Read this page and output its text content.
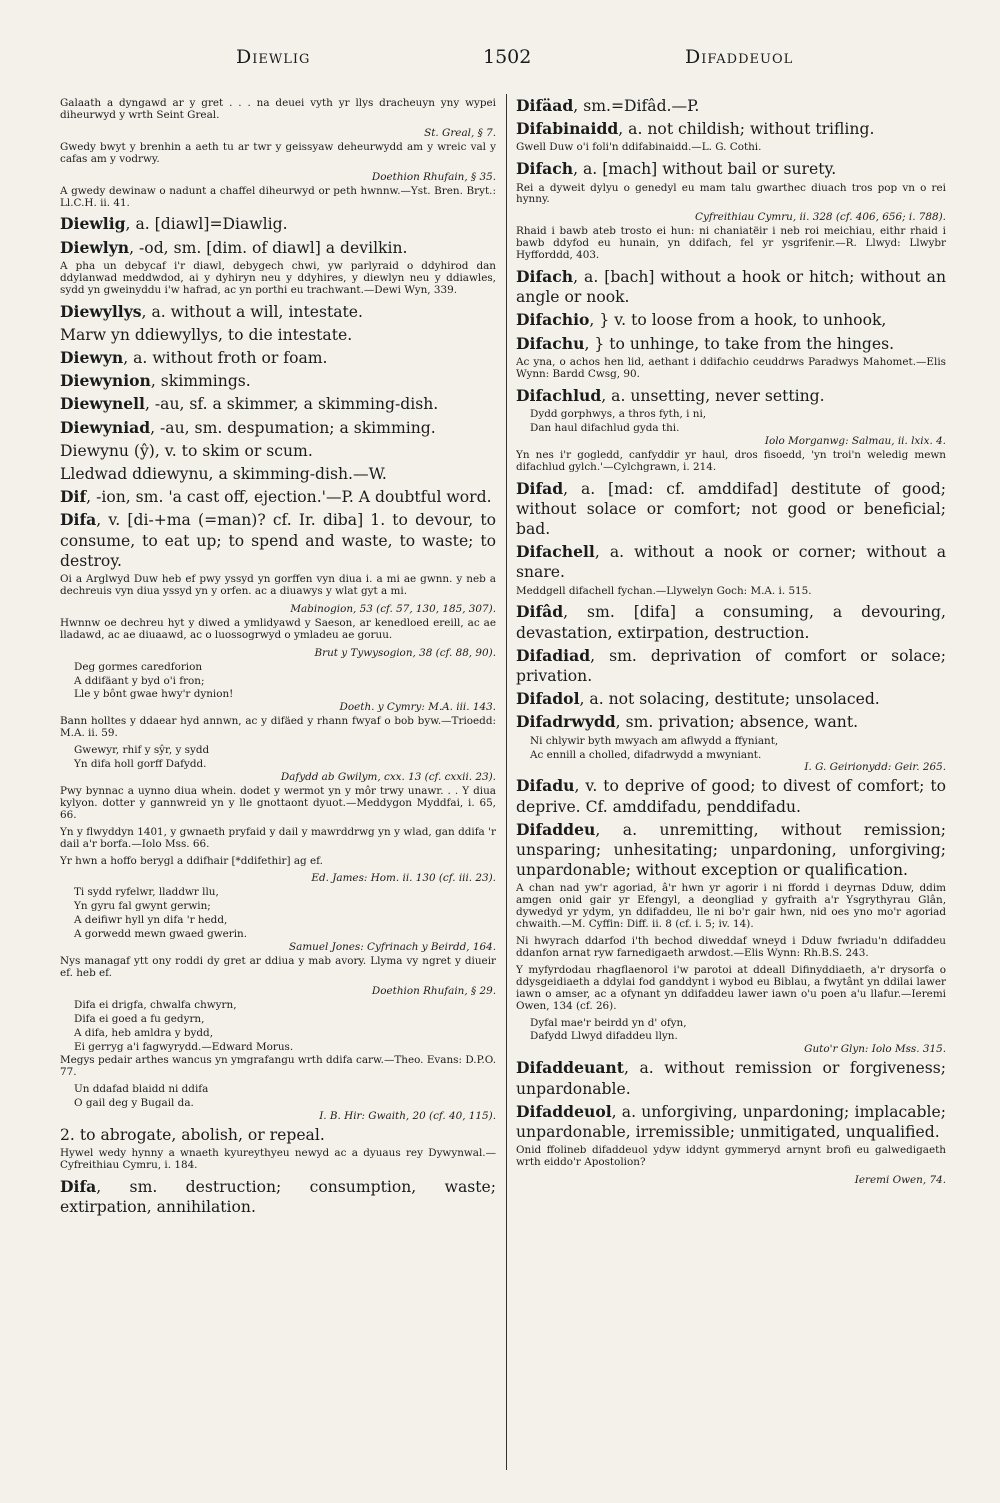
Diewlig	1502	Difaddeuol
Galaath a dyngawd ar y gret . . . na deuei vyth yr llys dracheuyn yny wypei diheurwyd y wrth Seint Greal.
St. Greal, § 7.
Gwedy bwyt y brenhin a aeth tu ar twr y geissyaw deheurwydd am y wreic val y cafas am y vodrwy.
Doethion Rhufain, § 35.
A gwedy dewinaw o nadunt a chaffel diheurwyd or peth hwnnw.—Yst. Bren. Bryt.: Ll.C.H. ii. 41.
Diewlig, a. [diawl]=Diawlig.
Diewlyn, -od, sm. [dim. of diawl] a devilkin.
A pha un debycaf i'r diawl, debygech chwi, yw parlyraid o ddyhirod dan ddylanwad meddwdod, ai y dyhiryn neu y ddyhires, y diewlyn neu y ddiawles, sydd yn gweinyddu i'w hafrad, ac yn porthi eu trachwant.—Dewi Wyn, 339.
Diewyllys, a. without a will, intestate.
Marw yn ddiewyllys, to die intestate.
Diewyn, a. without froth or foam.
Diewynion, skimmings.
Diewynell, -au, sf. a skimmer, a skimming-dish.
Diewyniad, -au, sm. despumation; a skimming.
Diewynu (ŷ), v. to skim or scum.
Lledwad ddiewynu, a skimming-dish.—W.
Dif, -ion, sm. 'a cast off, ejection.'—P. A doubtful word.
Difa, v. [di-+ma (=man)? cf. Ir. diba] 1. to devour, to consume, to eat up; to spend and waste, to waste; to destroy.
Oi a Arglwyd Duw heb ef pwy yssyd yn gorffen vyn diua i. a mi ae gwnn. y neb a dechreuis vyn diua yssyd yn y orfen. ac a diuawys y wlat gyt a mi.
Mabinogion, 53 (cf. 57, 130, 185, 307).
Hwnnw oe dechreu hyt y diwed a ymlidyawd y Saeson, ar kenedloed ereill, ac ae lladawd, ac ae diuaawd, ac o luossogrwyd o ymladeu ae goruu.
Brut y Tywysogion, 38 (cf. 88, 90).
Deg gormes caredforion
A ddifäant y byd o'i fron;
Lle y bônt gwae hwy'r dynion!
Doeth. y Cymry: M.A. iii. 143.
Bann holltes y ddaear hyd annwn, ac y difäed y rhann fwyaf o bob byw.—Trioedd: M.A. ii. 59.
Gwewyr, rhif y sŷr, y sydd
Yn difa holl gorff Dafydd.
Dafydd ab Gwilym, cxx. 13 (cf. cxxii. 23).
Pwy bynnac a uynno diua whein. dodet y wermot yn y môr trwy unawr. . . Y diua kylyon. dotter y gannwreid yn y lle gnottaont dyuot.—Meddygon Myddfai, i. 65, 66.
Yn y flwyddyn 1401, y gwnaeth pryfaid y dail y mawrddrwg yn y wlad, gan ddifa 'r dail a'r borfa.—Iolo Mss. 66.
Yr hwn a hoffo berygl a ddifhair [*ddifethir] ag ef.
Ed. James: Hom. ii. 130 (cf. iii. 23).
Ti sydd ryfelwr, lladdwr llu,
Yn gyru fal gwynt gerwin;
A deifiwr hyll yn difa 'r hedd,
A gorwedd mewn gwaed gwerin.
Samuel Jones: Cyfrinach y Beirdd, 164.
Nys managaf ytt ony roddi dy gret ar ddiua y mab avory. Llyma vy ngret y diueir ef. heb ef.
Doethion Rhufain, § 29.
Difa ei drigfa, chwalfa chwyrn,
Difa ei goed a fu gedyrn,
A difa, heb amldra y bydd,
Ei gerryg a'i fagwyrydd.—Edward Morus.
Megys pedair arthes wancus yn ymgrafangu wrth ddifa carw.—Theo. Evans: D.P.O. 77.
Un ddafad blaidd ni ddifa
O gail deg y Bugail da.
I. B. Hir: Gwaith, 20 (cf. 40, 115).
2. to abrogate, abolish, or repeal.
Hywel wedy hynny a wnaeth kyureythyeu newyd ac a dyuaus rey Dywynwal.—Cyfreithiau Cymru, i. 184.
Difa, sm. destruction; consumption, waste; extirpation, annihilation.
Difäad, sm.=Difâd.—P.
Difabinaidd, a. not childish; without trifling.
Gwell Duw o'i foli'n ddifabinaidd.—L. G. Cothi.
Difach, a. [mach] without bail or surety.
Rei a dyweit dylyu o genedyl eu mam talu gwarthec diuach tros pop vn o rei hynny.
Cyfreithiau Cymru, ii. 328 (cf. 406, 656; i. 788).
Rhaid i bawb ateb trosto ei hun: ni chaniatëir i neb roi meichiau, eithr rhaid i bawb ddyfod eu hunain, yn ddifach, fel yr ysgrifenir.—R. Llwyd: Llwybr Hyfforddd, 403.
Difach, a. [bach] without a hook or hitch; without an angle or nook.
Difachio, } v. to loose from a hook, to unhook,
Difachu, } to unhinge, to take from the hinges.
Ac yna, o achos hen lid, aethant i ddifachio ceuddrws Paradwys Mahomet.—Elis Wynn: Bardd Cwsg, 90.
Difachlud, a. unsetting, never setting.
Dydd gorphwys, a thros fyth, i ni,
Dan haul difachlud gyda thi.
Iolo Morganwg: Salmau, ii. lxix. 4.
Yn nes i'r gogledd, canfyddir yr haul, dros fisoedd, 'yn troi'n weledig mewn difachlud gylch.'—Cylchgrawn, i. 214.
Difad, a. [mad: cf. amddifad] destitute of good; without solace or comfort; not good or beneficial; bad.
Difachell, a. without a nook or corner; without a snare.
Meddgell difachell fychan.—Llywelyn Goch: M.A. i. 515.
Difâd, sm. [difa] a consuming, a devouring, devastation, extirpation, destruction.
Difadiad, sm. deprivation of comfort or solace; privation.
Difadol, a. not solacing, destitute; unsolaced.
Difadrwydd, sm. privation; absence, want.
Ni chlywir byth mwyach am aflwydd a ffyniant,
Ac ennill a cholled, difadrwydd a mwyniant.
I. G. Geirionydd: Geir. 265.
Difadu, v. to deprive of good; to divest of comfort; to deprive. Cf. amddifadu, penddifadu.
Difaddeu, a. unremitting, without remission; unsparing; unhesitating; unpardoning, unforgiving; unpardonable; without exception or qualification.
A chan nad yw'r agoriad, â'r hwn yr agorir i ni ffordd i deyrnas Dduw, ddim amgen onid gair yr Efengyl, a deongliad y gyfraith a'r Ysgrythyrau Glân, dywedyd yr ydym, yn ddifaddeu, lle ni bo'r gair hwn, nid oes yno mo'r agoriad chwaith.—M. Cyffin: Diff. ii. 8 (cf. i. 5; iv. 14).
Ni hwyrach ddarfod i'th bechod diweddaf wneyd i Dduw fwriadu'n ddifaddeu ddanfon arnat ryw farnedigaeth arwdost.—Elis Wynn: Rh.B.S. 243.
Y myfyrdodau rhagflaenorol i'w parotoi at ddeall Difinyddiaeth, a'r drysorfa o ddysgeidiaeth a ddylai fod ganddynt i wybod eu Biblau, a fwytânt yn ddilai lawer iawn o amser, ac a ofynant yn ddifaddeu lawer iawn o'u poen a'u llafur.—Ieremi Owen, 134 (cf. 26).
Dyfal mae'r beirdd yn d' ofyn,
Dafydd Llwyd difaddeu llyn.
Guto'r Glyn: Iolo Mss. 315.
Difaddeuant, a. without remission or forgiveness; unpardonable.
Difaddeuol, a. unforgiving, unpardoning; implacable; unpardonable, irremissible; unmitigated, unqualified.
Onid ffolineb difaddeuol ydyw iddynt gymmeryd arnynt brofi eu galwedigaeth wrth eiddo'r Apostolion?
Ieremi Owen, 74.
